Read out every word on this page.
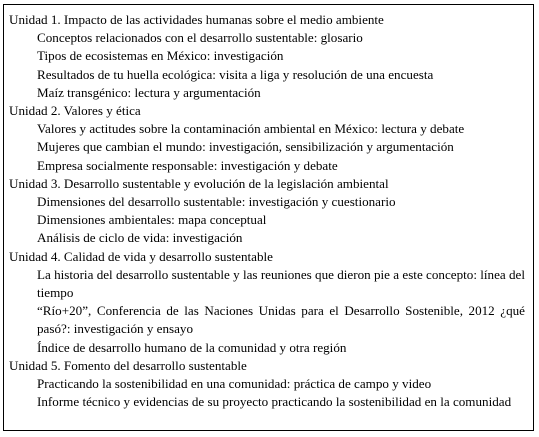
Unidad 1. Impacto de las actividades humanas sobre el medio ambiente
Conceptos relacionados con el desarrollo sustentable: glosario
Tipos de ecosistemas en México: investigación
Resultados de tu huella ecológica: visita a liga y resolución de una encuesta
Maíz transgénico: lectura y argumentación
Unidad 2. Valores y ética
Valores y actitudes sobre la contaminación ambiental en México: lectura y debate
Mujeres que cambian el mundo: investigación, sensibilización y argumentación
Empresa socialmente responsable: investigación y debate
Unidad 3. Desarrollo sustentable y evolución de la legislación ambiental
Dimensiones del desarrollo sustentable: investigación y cuestionario
Dimensiones ambientales: mapa conceptual
Análisis de ciclo de vida: investigación
Unidad 4. Calidad de vida y desarrollo sustentable
La historia del desarrollo sustentable y las reuniones que dieron pie a este concepto: línea del tiempo
“Río+20”, Conferencia de las Naciones Unidas para el Desarrollo Sostenible, 2012 ¿qué pasó?: investigación y ensayo
Índice de desarrollo humano de la comunidad y otra región
Unidad 5. Fomento del desarrollo sustentable
Practicando la sostenibilidad en una comunidad: práctica de campo y video
Informe técnico y evidencias de su proyecto practicando la sostenibilidad en la comunidad
